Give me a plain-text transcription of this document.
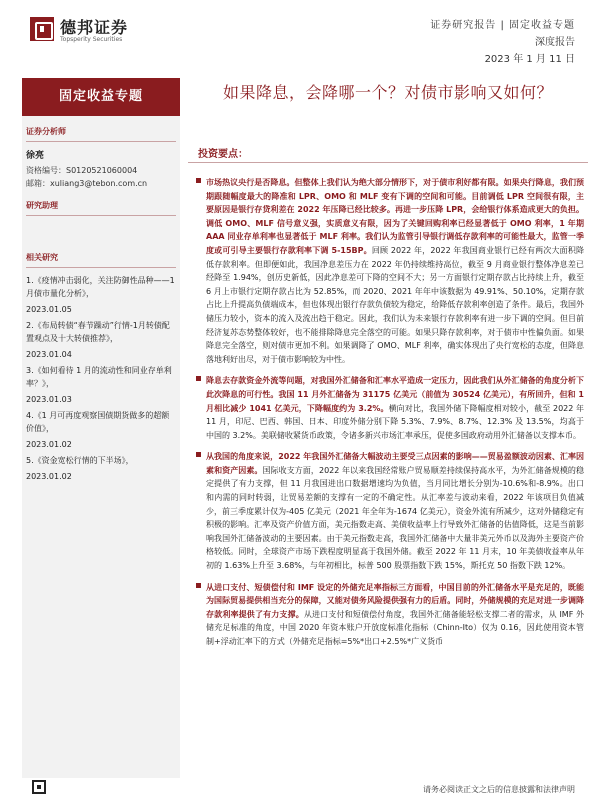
德邦证券
Topsperity Securities
证券研究报告 | 固定收益专题
深度报告
2023 年 1 月 11 日
固定收益专题
证券分析师
徐亮
资格编号：S0120521060004
邮箱：xuliang3@tebon.com.cn
研究助理
相关研究
1.《疫情冲击弱化，关注防御性品种——1 月债市量化分析》，
2023.01.05
2.《布局转债“春节躁动”行情-1月转债配置观点及十大转债推荐》，
2023.01.04
3.《如何看待 1 月的流动性和同业存单利率？》，
2023.01.03
4.《1 月可再度观察国债期货做多的超额价值》，
2023.01.02
5.《资金宽松行情的下半场》，
2023.01.02
如果降息，会降哪一个？对债市影响又如何？
投资要点：
市场热议央行是否降息。但整体上我们认为绝大部分情形下，对于债市利好都有限。如果央行降息，我们预期跟随幅度最大的降准和 LPR、OMO 和 MLF 变有下调的空间和可能。目前调低 LPR 空间很有限，主要原因是银行存贷利差在 2022 年压降已经比较多。再进一步压降 LPR，会给银行体系造成更大的负担。调低 OMO、MLF 信号意义强，实质意义有限，因为了关键回购利率已经显著低于 OMO 利率，1 年期 AAA 同业存单利率也显著低于 MLF 利率。我们认为监管引导银行调低存款利率的可能性最大，监管一季度或可引导主要银行存款利率下调 5-15BP。回顾 2022 年，2022 年我国商业银行已经有两次大面积降低存款利率。但即便如此，我国净息差压力在 2022 年仍持续维持高位，截至 9 月商业银行整体净息差已经降至 1.94%，创历史新低，因此净息差可下降的空间不大；另一方面银行定期存款占比持续上升，截至 6 月上市银行定期存款占比为 52.85%，而 2020、2021 年年中该数据为 49.91%、50.10%，定期存款占比上升提高负债端成本，但也体现出银行存款负债较为稳定，给降低存款利率创造了条件。最后，我国外储压力较小，资本的流入及流出趋于稳定。因此，我们认为未来银行存款利率有进一步下调的空间。但目前经济复苏态势整体较好，也不能排除降息完全落空的可能。如果只降存款利率，对于债市中性偏负面。如果降息完全落空，则对债市更加不利。如果调降了 OMO、MLF 利率，确实体现出了央行宽松的态度，但降息落地利好出尽，对于债市影响较为中性。
降息去存款资金外流等问题，对我国外汇储备和汇率水平造成一定压力，因此我们从外汇储备的角度分析下此次降息的可行性。我国 11 月外汇储备为 31175 亿美元（前值为 30524 亿美元），有所回升，但和 1 月相比减少 1041 亿美元，下降幅度约为 3.2%。横向对比，我国外储下降幅度相对较小，截至 2022 年 11 月，印尼、巴西、韩国、日本、印度外储分别下降 5.3%、7.9%、8.7%、12.3% 及 13.5%，均高于中国的 3.2%。美联储收紧货币政策，令诸多新兴市场汇率承压，促使多国政府动用外汇储备以支撑本币。
从我国的角度来说，2022 年我国外汇储备大幅波动主要受三点因素的影响——贸易盈额波动因素、汇率因素和资产因素。国际收支方面，2022 年以来我国经常账户贸易顺差持续保持高水平，为外汇储备规模的稳定提供了有力支撑，但 11 月我国进出口数据增速均为负值，当月同比增长分别为-10.6%和-8.9%。出口和内需的同时转弱，让贸易差额的支撑有一定的不确定性。从汇率差与波动来看，2022 年该项目负值减少，前三季度累计仅为-405 亿美元（2021 年全年为-1674 亿美元），资金外流有所减少，这对外储稳定有积极的影响。汇率及资产价值方面，美元指数走高、美债收益率上行导致外汇储备的估值降低，这是当前影响我国外汇储备波动的主要因素。由于美元指数走高，我国外汇储备中大量非美元外币以及海外主要资产价格较低。同时，全球资产市场下跌程度明显高于我国外储。截至 2022 年 11 月末，10 年美债收益率从年初的 1.63%上升至 3.68%，与年初相比，标普 500 股票指数下跌 15%，斯托克 50 指数下跌 12%。
从进口支付、短债偿付和 IMF 设定的外储充足率指标三方面看，中国目前的外汇储备水平是充足的，既能为国际贸易提供相当充分的保障，又能对债务风险提供强有力的后盾。同时，外储规模的充足对进一步调降存款利率提供了有力支撑。从进口支付和短债偿付角度，我国外汇储备能轻松支撑二者的需求，从 IMF 外储充足标准的角度，中国 2020 年资本账户开放度标准化指标（Chinn-Ito）仅为 0.16，因此使用资本管制+浮动汇率下的方式（外储充足指标=5%*出口+2.5%*广义货币
请务必阅读正文之后的信息披露和法律声明
